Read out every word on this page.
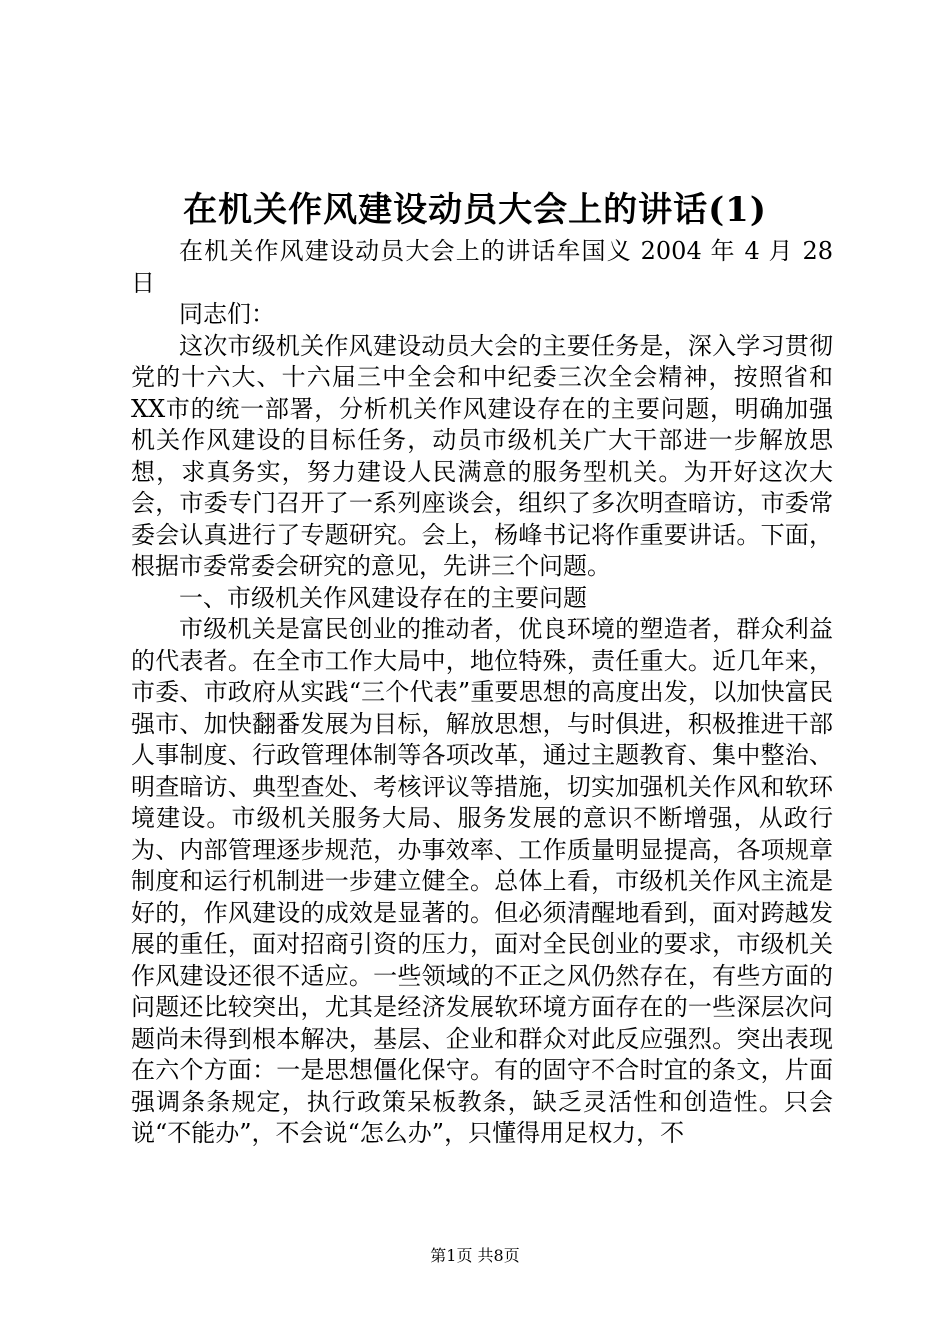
在机关作风建设动员大会上的讲话(1)

在机关作风建设动员大会上的讲话牟国义 2004 年 4 月 28 日

同志们：

这次市级机关作风建设动员大会的主要任务是，深入学习贯彻党的十六大、十六届三中全会和中纪委三次全会精神，按照省和XX市的统一部署，分析机关作风建设存在的主要问题，明确加强机关作风建设的目标任务，动员市级机关广大干部进一步解放思想，求真务实，努力建设人民满意的服务型机关。为开好这次大会，市委专门召开了一系列座谈会，组织了多次明查暗访，市委常委会认真进行了专题研究。会上，杨峰书记将作重要讲话。下面，根据市委常委会研究的意见，先讲三个问题。

一、市级机关作风建设存在的主要问题

市级机关是富民创业的推动者，优良环境的塑造者，群众利益的代表者。在全市工作大局中，地位特殊，责任重大。近几年来，市委、市政府从实践“三个代表”重要思想的高度出发，以加快富民强市、加快翻番发展为目标，解放思想，与时俱进，积极推进干部人事制度、行政管理体制等各项改革，通过主题教育、集中整治、明查暗访、典型查处、考核评议等措施，切实加强机关作风和软环境建设。市级机关服务大局、服务发展的意识不断增强，从政行为、内部管理逐步规范，办事效率、工作质量明显提高，各项规章制度和运行机制进一步建立健全。总体上看，市级机关作风主流是好的，作风建设的成效是显著的。但必须清醒地看到，面对跨越发展的重任，面对招商引资的压力，面对全民创业的要求，市级机关作风建设还很不适应。一些领域的不正之风仍然存在，有些方面的问题还比较突出，尤其是经济发展软环境方面存在的一些深层次问题尚未得到根本解决，基层、企业和群众对此反应强烈。突出表现在六个方面：一是思想僵化保守。有的固守不合时宜的条文，片面强调条条规定，执行政策呆板教条，缺乏灵活性和创造性。只会说“不能办”，不会说“怎么办”，只懂得用足权力，不

第1页 共8页
